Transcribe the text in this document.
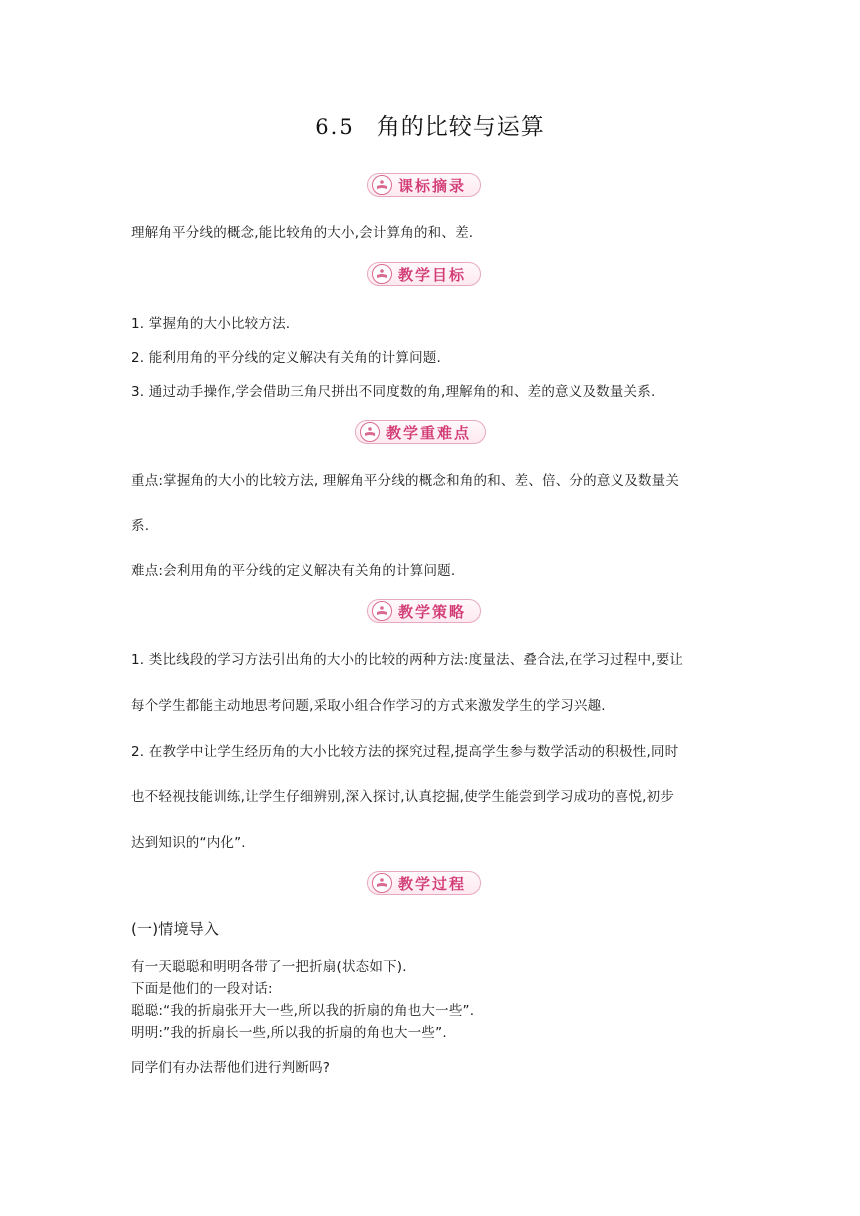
6.5 角的比较与运算
课标摘录
理解角平分线的概念,能比较角的大小,会计算角的和、差.
教学目标
1. 掌握角的大小比较方法.
2. 能利用角的平分线的定义解决有关角的计算问题.
3. 通过动手操作,学会借助三角尺拼出不同度数的角,理解角的和、差的意义及数量关系.
教学重难点
重点:掌握角的大小的比较方法, 理解角平分线的概念和角的和、差、倍、分的意义及数量关
系.
难点:会利用角的平分线的定义解决有关角的计算问题.
教学策略
1. 类比线段的学习方法引出角的大小的比较的两种方法:度量法、叠合法,在学习过程中,要让
每个学生都能主动地思考问题,采取小组合作学习的方式来激发学生的学习兴趣.
2. 在教学中让学生经历角的大小比较方法的探究过程,提高学生参与数学活动的积极性,同时
也不轻视技能训练,让学生仔细辨别,深入探讨,认真挖掘,使学生能尝到学习成功的喜悦,初步
达到知识的“内化”.
教学过程
(一)情境导入
有一天聪聪和明明各带了一把折扇(状态如下).
下面是他们的一段对话:
聪聪:“我的折扇张开大一些,所以我的折扇的角也大一些”.
明明:”我的折扇长一些,所以我的折扇的角也大一些”.
同学们有办法帮他们进行判断吗?
